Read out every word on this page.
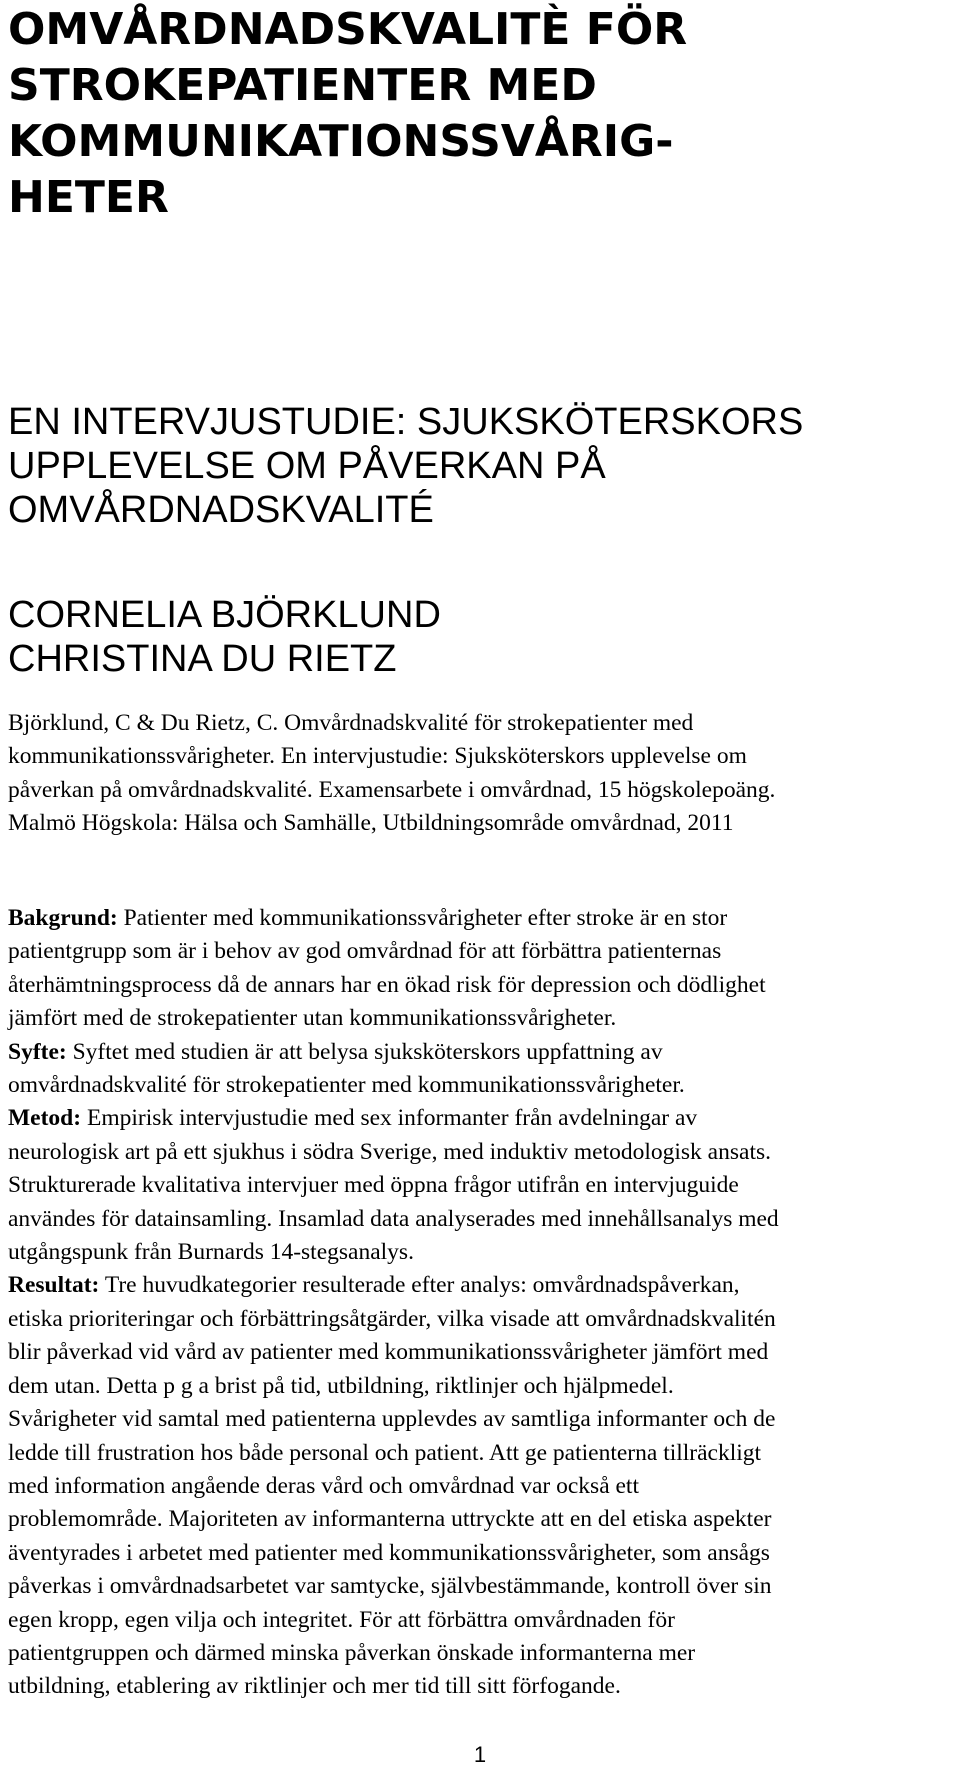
OMVÅRDNADSKVALITÈ FÖR
STROKEPATIENTER MED
KOMMUNIKATIONSSVÅRIG-
HETER
EN INTERVJUSTUDIE: SJUKSKÖTERSKORS
UPPLEVELSE OM PÅVERKAN PÅ
OMVÅRDNADSKVALITÉ
CORNELIA BJÖRKLUND
CHRISTINA DU RIETZ
Björklund, C & Du Rietz, C. Omvårdnadskvalité för strokepatienter med
kommunikationssvårigheter. En intervjustudie: Sjuksköterskors upplevelse om
påverkan på omvårdnadskvalité. Examensarbete i omvårdnad, 15 högskolepoäng.
Malmö Högskola: Hälsa och Samhälle, Utbildningsområde omvårdnad, 2011
Bakgrund: Patienter med kommunikationssvårigheter efter stroke är en stor
patientgrupp som är i behov av god omvårdnad för att förbättra patienternas
återhämtningsprocess då de annars har en ökad risk för depression och dödlighet
jämfört med de strokepatienter utan kommunikationssvårigheter.
Syfte: Syftet med studien är att belysa sjuksköterskors uppfattning av
omvårdnadskvalité för strokepatienter med kommunikationssvårigheter.
Metod: Empirisk intervjustudie med sex informanter från avdelningar av
neurologisk art på ett sjukhus i södra Sverige, med induktiv metodologisk ansats.
Strukturerade kvalitativa intervjuer med öppna frågor utifrån en intervjuguide
användes för datainsamling. Insamlad data analyserades med innehållsanalys med
utgångspunk från Burnards 14-stegsanalys.
Resultat: Tre huvudkategorier resulterade efter analys: omvårdnadspåverkan,
etiska prioriteringar och förbättringsåtgärder, vilka visade att omvårdnadskvalitén
blir påverkad vid vård av patienter med kommunikationssvårigheter jämfört med
dem utan. Detta p g a brist på tid, utbildning, riktlinjer och hjälpmedel.
Svårigheter vid samtal med patienterna upplevdes av samtliga informanter och de
ledde till frustration hos både personal och patient. Att ge patienterna tillräckligt
med information angående deras vård och omvårdnad var också ett
problemområde. Majoriteten av informanterna uttryckte att en del etiska aspekter
äventyrades i arbetet med patienter med kommunikationssvårigheter, som ansågs
påverkas i omvårdnadsarbetet var samtycke, självbestämmande, kontroll över sin
egen kropp, egen vilja och integritet. För att förbättra omvårdnaden för
patientgruppen och därmed minska påverkan önskade informanterna mer
utbildning, etablering av riktlinjer och mer tid till sitt förfogande.
1
